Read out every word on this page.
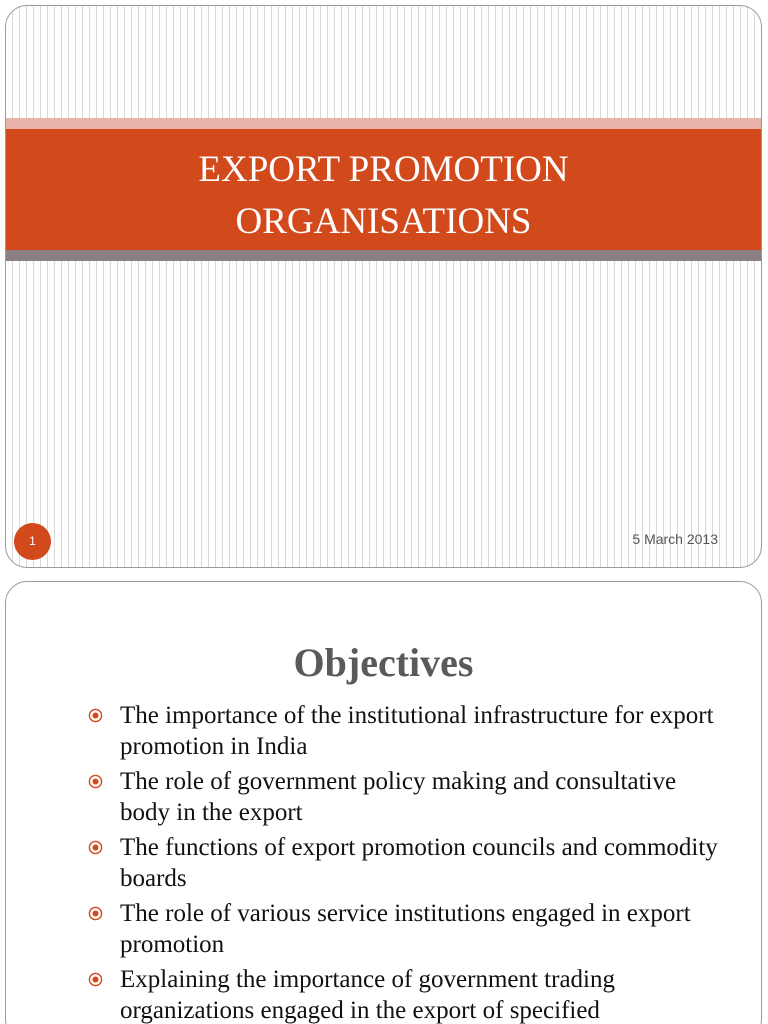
EXPORT PROMOTION
ORGANISATIONS
1	5 March 2013
Objectives
The importance of the institutional infrastructure for export promotion in India
The role of government policy making and consultative body in the export
The functions of export promotion councils and commodity boards
The role of various service institutions engaged in export promotion
Explaining the importance of government trading organizations engaged in the export of specified
